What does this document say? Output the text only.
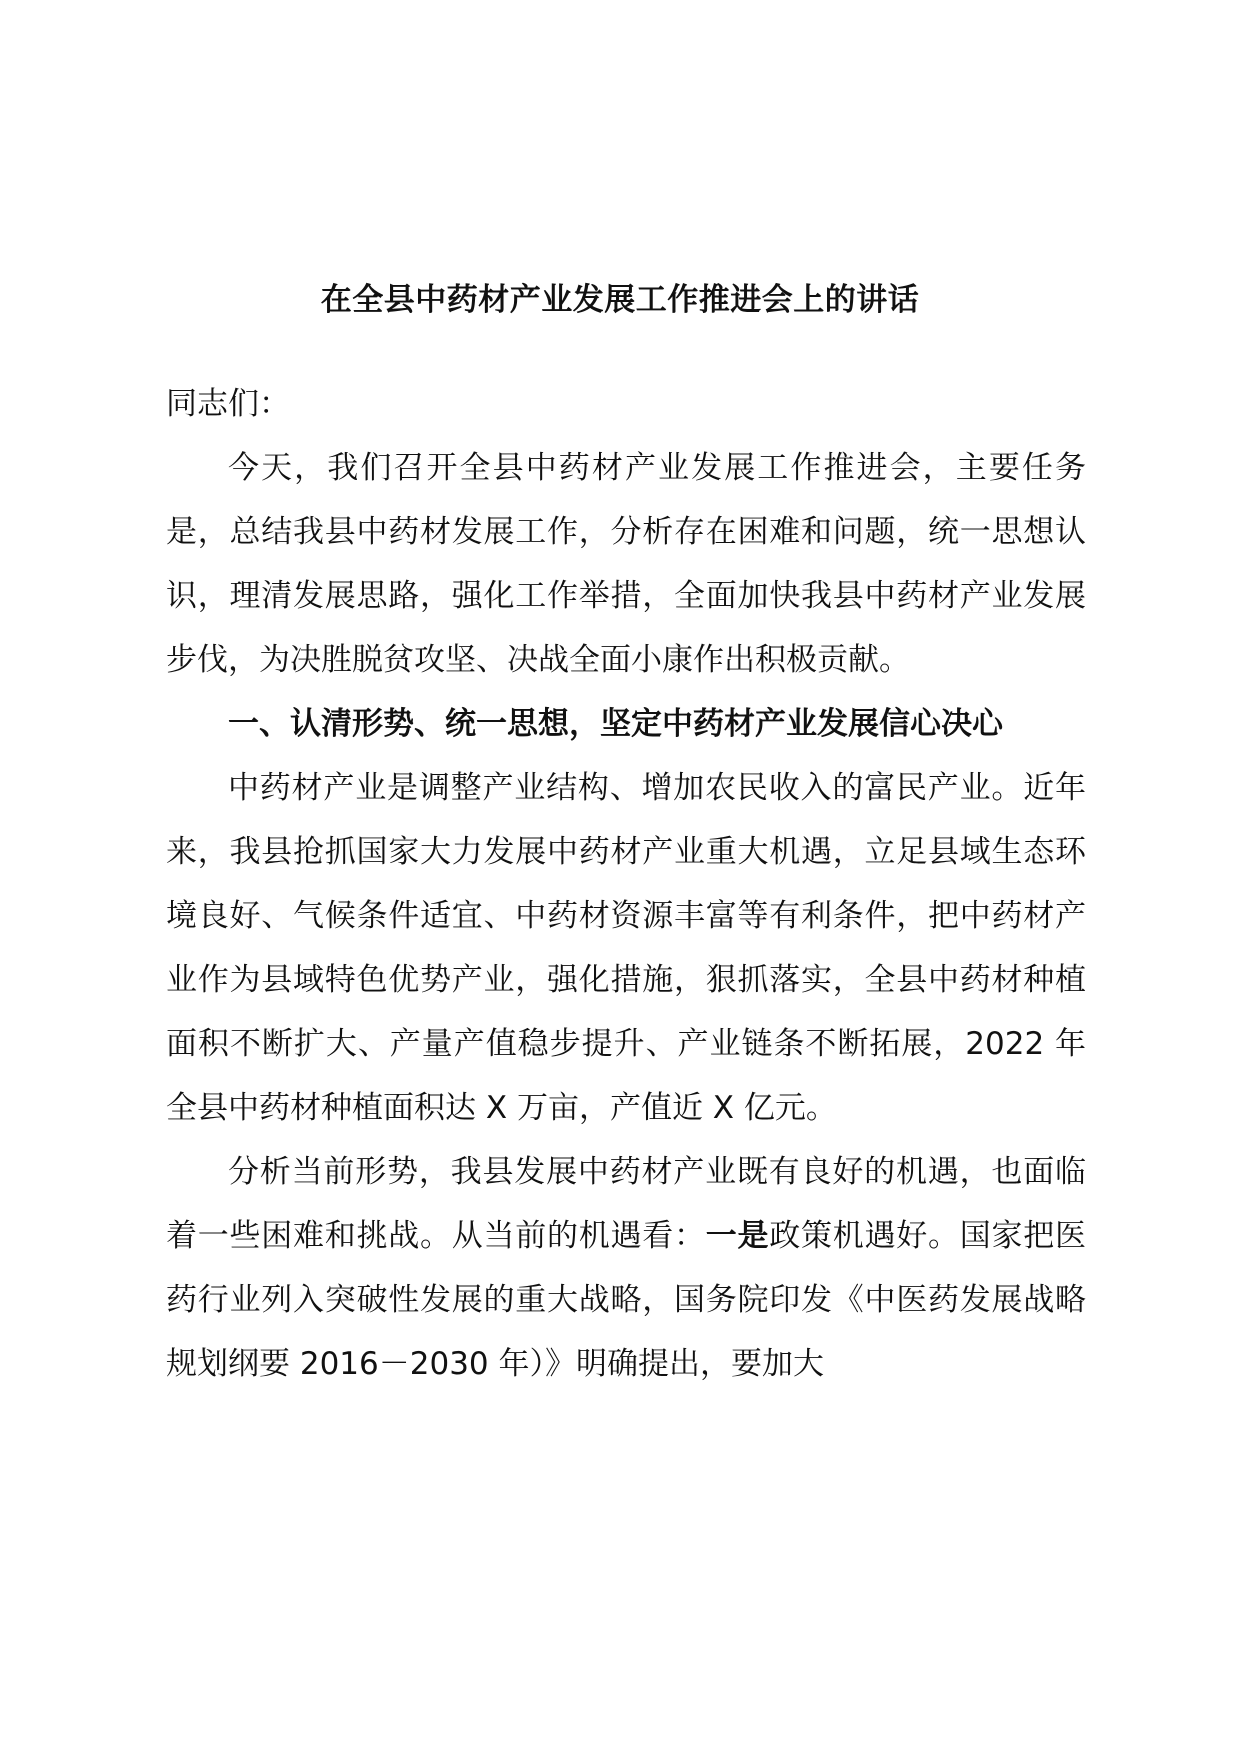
在全县中药材产业发展工作推进会上的讲话

同志们：

今天，我们召开全县中药材产业发展工作推进会，主要任务是，总结我县中药材发展工作，分析存在困难和问题，统一思想认识，理清发展思路，强化工作举措，全面加快我县中药材产业发展步伐，为决胜脱贫攻坚、决战全面小康作出积极贡献。

一、认清形势、统一思想，坚定中药材产业发展信心决心

中药材产业是调整产业结构、增加农民收入的富民产业。近年来，我县抢抓国家大力发展中药材产业重大机遇，立足县域生态环境良好、气候条件适宜、中药材资源丰富等有利条件，把中药材产业作为县域特色优势产业，强化措施，狠抓落实，全县中药材种植面积不断扩大、产量产值稳步提升、产业链条不断拓展，2022 年全县中药材种植面积达 X 万亩，产值近 X 亿元。

分析当前形势，我县发展中药材产业既有良好的机遇，也面临着一些困难和挑战。从当前的机遇看：一是政策机遇好。国家把医药行业列入突破性发展的重大战略，国务院印发《中医药发展战略规划纲要 2016－2030 年）》明确提出，要加大
